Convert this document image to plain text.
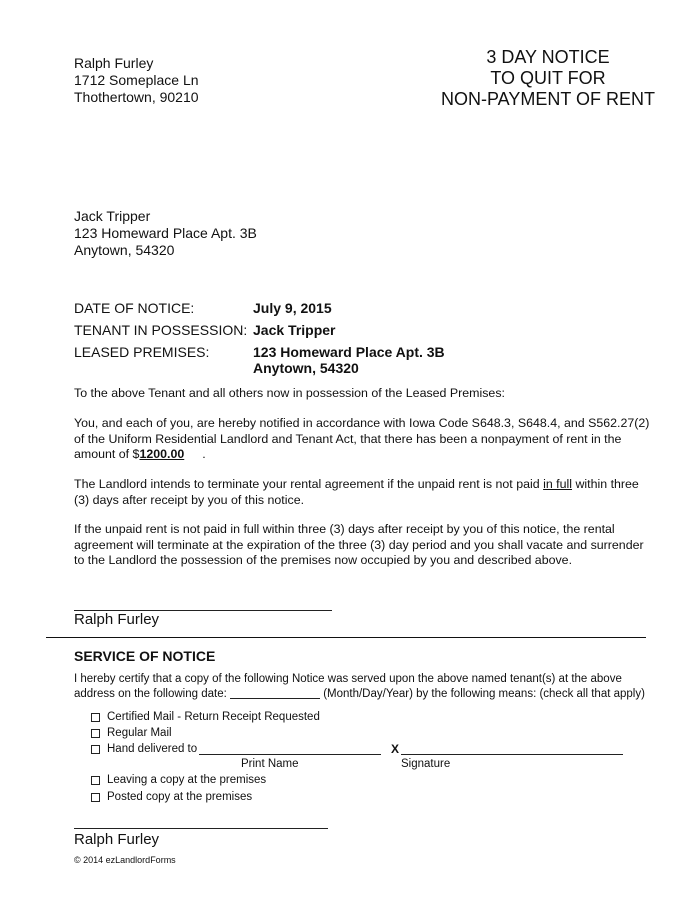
Ralph Furley
1712 Someplace Ln
Thothertown, 90210
3 DAY NOTICE
TO QUIT FOR
NON-PAYMENT OF RENT
Jack Tripper
123 Homeward Place Apt. 3B
Anytown, 54320
DATE OF NOTICE:	July 9, 2015
TENANT IN POSSESSION: Jack Tripper
LEASED PREMISES:	123 Homeward Place Apt. 3B
Anytown, 54320
To the above Tenant and all others now in possession of the Leased Premises:
You, and each of you, are hereby notified in accordance with Iowa Code S648.3, S648.4, and S562.27(2) of the Uniform Residential Landlord and Tenant Act, that there has been a nonpayment of rent in the amount of $1200.00 .
The Landlord intends to terminate your rental agreement if the unpaid rent is not paid in full within three (3) days after receipt by you of this notice.
If the unpaid rent is not paid in full within three (3) days after receipt by you of this notice, the rental agreement will terminate at the expiration of the three (3) day period and you shall vacate and surrender to the Landlord the possession of the premises now occupied by you and described above.
Ralph Furley
SERVICE OF NOTICE
I hereby certify that a copy of the following Notice was served upon the above named tenant(s) at the above
address on the following date:	(Month/Day/Year) by the following means: (check all that apply)
Certified Mail - Return Receipt Requested
Regular Mail
Hand delivered to	X
Print Name	Signature
Leaving a copy at the premises
Posted copy at the premises
Ralph Furley
© 2014 ezLandlordForms
